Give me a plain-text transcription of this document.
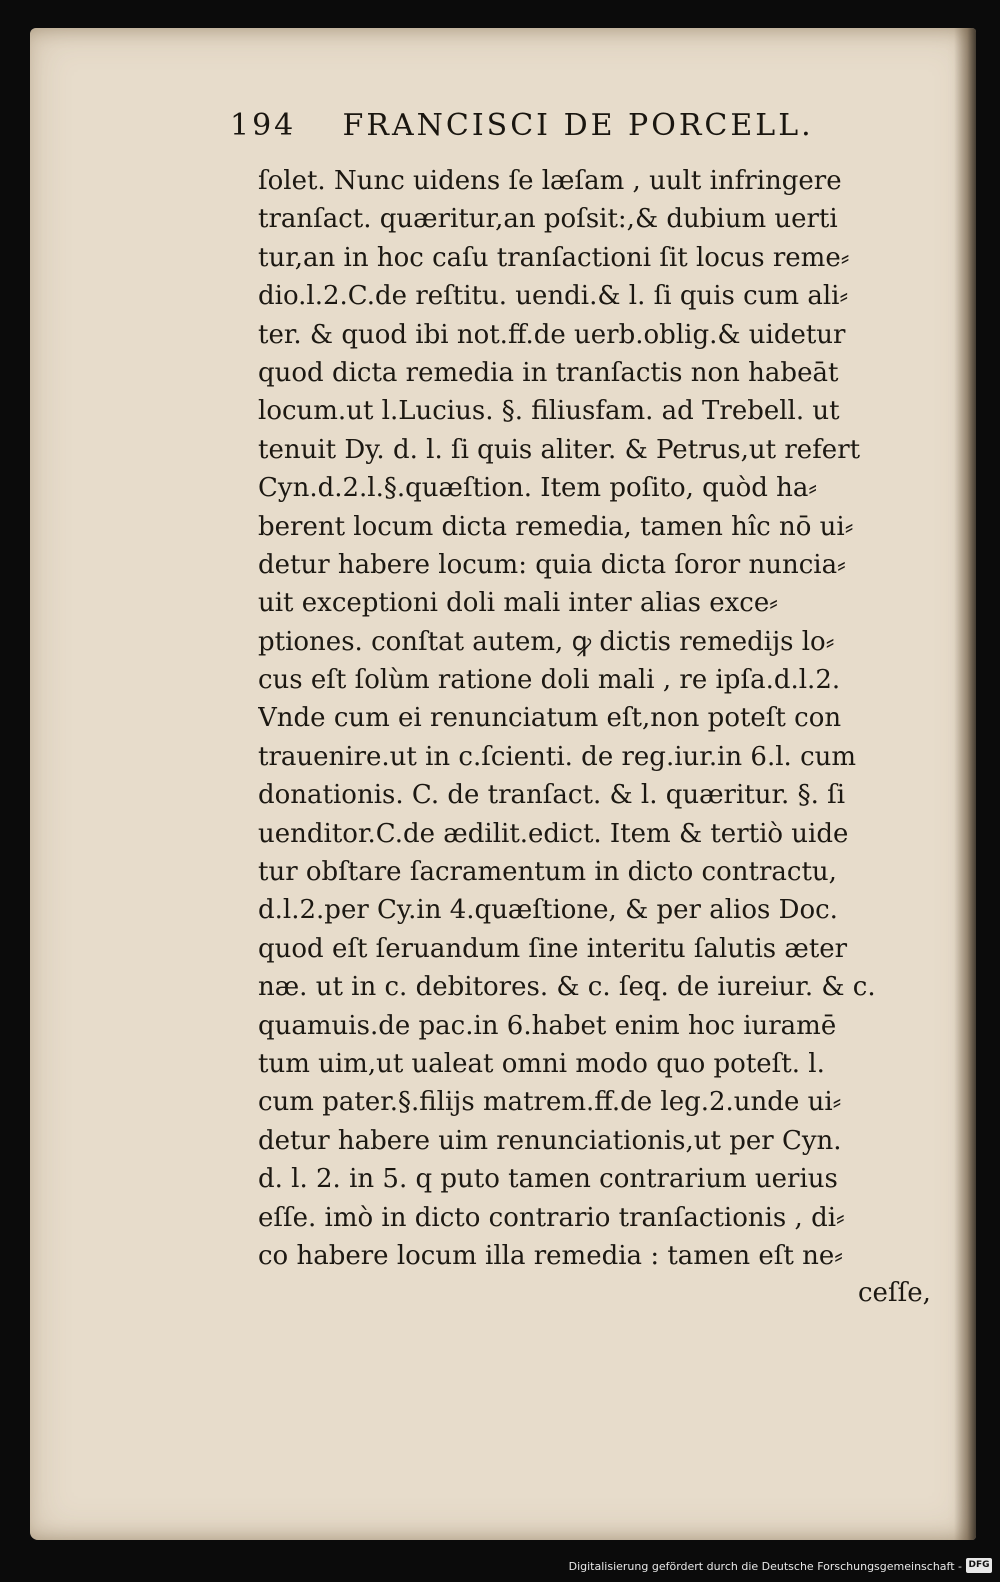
194 FRANCISCI DE PORCELL.
ſolet. Nunc uidens ſe læſam , uult infringere
tranſact. quæritur,an poſsit:,& dubium uerti
tur,an in hoc caſu tranſactioni ſit locus reme⸗
dio.l.2.C.de reſtitu. uendi.& l. ſi quis cum ali⸗
ter. & quod ibi not.ff.de uerb.oblig.& uidetur
quod dicta remedia in tranſactis non habeāt
locum.ut l.Lucius. §. filiusfam. ad Trebell. ut
tenuit Dy. d. l. ſi quis aliter. & Petrus,ut refert
Cyn.d.2.l.§.quæſtion. Item poſito, quòd ha⸗
berent locum dicta remedia, tamen hîc nō ui⸗
detur habere locum: quia dicta ſoror nuncia⸗
uit exceptioni doli mali inter alias exce⸗
ptiones. conſtat autem, ꝙ dictis remedijs lo⸗
cus eſt ſolùm ratione doli mali , re ipſa.d.l.2.
Vnde cum ei renunciatum eſt,non poteſt con
trauenire.ut in c.ſcienti. de reg.iur.in 6.l. cum
donationis. C. de tranſact. & l. quæritur. §. ſi
uenditor.C.de ædilit.edict. Item & tertiò uide
tur obſtare ſacramentum in dicto contractu,
d.l.2.per Cy.in 4.quæſtione, & per alios Doc.
quod eſt ſeruandum ſine interitu ſalutis æter
næ. ut in c. debitores. & c. ſeq. de iureiur. & c.
quamuis.de pac.in 6.habet enim hoc iuramē
tum uim,ut ualeat omni modo quo poteſt. l.
cum pater.§.filijs matrem.ff.de leg.2.unde ui⸗
detur habere uim renunciationis,ut per Cyn.
d. l. 2. in 5. q puto tamen contrarium uerius
eſſe. imò in dicto contrario tranſactionis , di⸗
co habere locum illa remedia : tamen eſt ne⸗
ceſſe,
Digitalisierung gefördert durch die Deutsche Forschungsgemeinschaft - DFG
